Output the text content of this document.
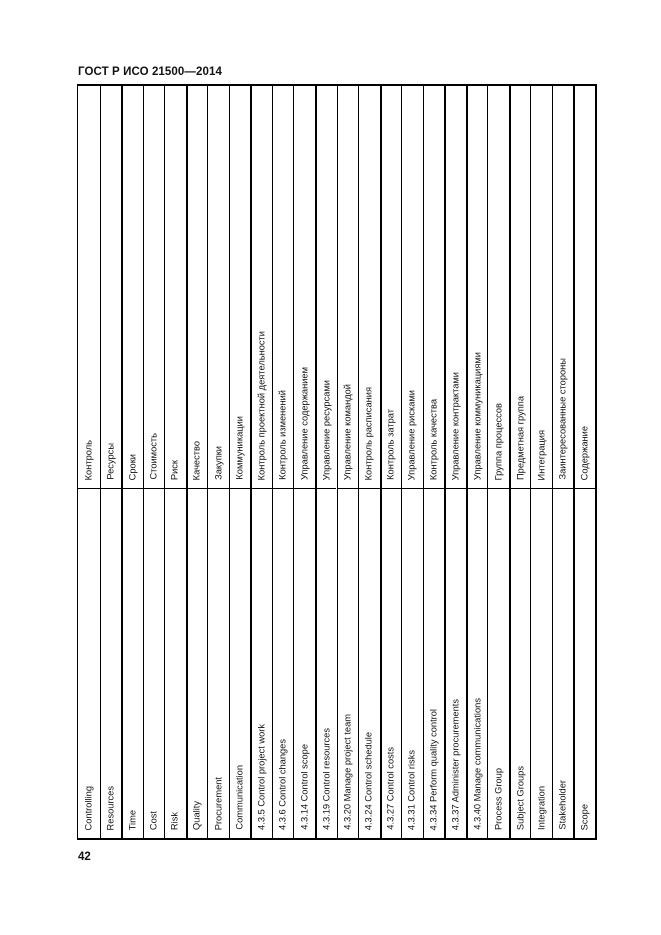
ГОСТ Р ИСО 21500—2014
Контроль
Controlling
Ресурсы
Resources
Сроки
Time
Стоимость
Cost
Риск
Risk
Качество
Quality
Закупки
Procurement
Коммуникации
Communication
Контроль проектной деятельности
4.3.5 Control project work
Контроль изменений
4.3.6 Control changes
Управление содержанием
4.3.14 Control scope
Управление ресурсами
4.3.19 Control resources
Управление командой
4.3.20 Manage project team
Контроль расписания
4.3.24 Control schedule
Контроль затрат
4.3.27 Control costs
Управление рисками
4.3.31 Control risks
Контроль качества
4.3.34 Perform quality control
Управление контрактами
4.3.37 Administer procurements
Управление коммуникациями
4.3.40 Manage communications
Группа процессов
Process Group
Предметная группа
Subject Groups
Интеграция
Integration
Заинтересованные стороны
Stakeholder
Содержание
Scope
42
